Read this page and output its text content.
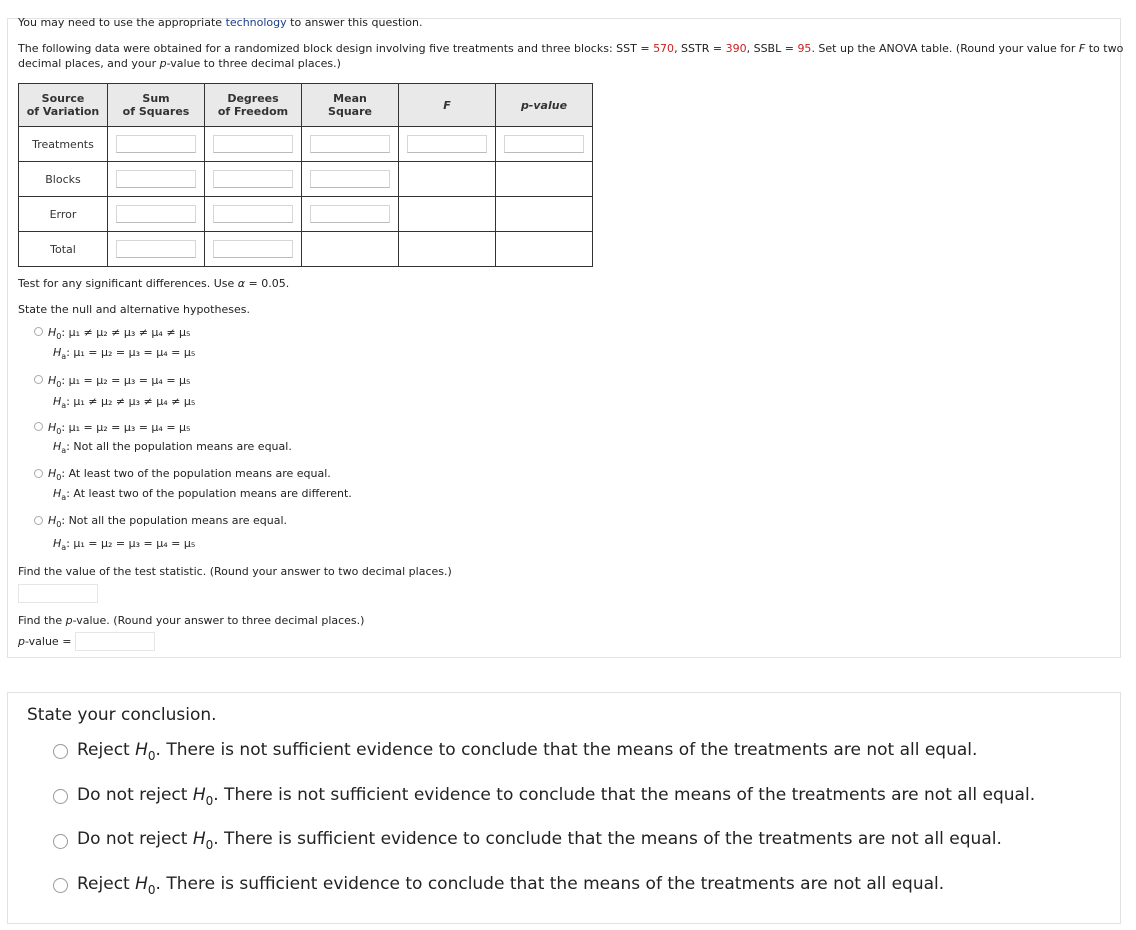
You may need to use the appropriate technology to answer this question.
The following data were obtained for a randomized block design involving five treatments and three blocks: SST = 570, SSTR = 390, SSBL = 95. Set up the ANOVA table. (Round your value for F to two
decimal places, and your p-value to three decimal places.)
Source
of Variation	Sum
of Squares	Degrees
of Freedom	Mean
Square	F	p-value
Treatments	

Blocks	

Error	

Total	

Test for any significant differences. Use α = 0.05.
State the null and alternative hypotheses.
$H_0$: μ₁ ≠ μ₂ ≠ μ₃ ≠ μ₄ ≠ μ₅
$H_a$: μ₁ = μ₂ = μ₃ = μ₄ = μ₅
$H_0$: μ₁ = μ₂ = μ₃ = μ₄ = μ₅
$H_a$: μ₁ ≠ μ₂ ≠ μ₃ ≠ μ₄ ≠ μ₅
$H_0$: μ₁ = μ₂ = μ₃ = μ₄ = μ₅
$H_a$: Not all the population means are equal.
$H_0$: At least two of the population means are equal.
$H_a$: At least two of the population means are different.
$H_0$: Not all the population means are equal.
$H_a$: μ₁ = μ₂ = μ₃ = μ₄ = μ₅
Find the value of the test statistic. (Round your answer to two decimal places.)
Find the p-value. (Round your answer to three decimal places.)
p-value =
State your conclusion.
Reject $H_0$. There is not sufficient evidence to conclude that the means of the treatments are not all equal.
Do not reject $H_0$. There is not sufficient evidence to conclude that the means of the treatments are not all equal.
Do not reject $H_0$. There is sufficient evidence to conclude that the means of the treatments are not all equal.
Reject $H_0$. There is sufficient evidence to conclude that the means of the treatments are not all equal.
